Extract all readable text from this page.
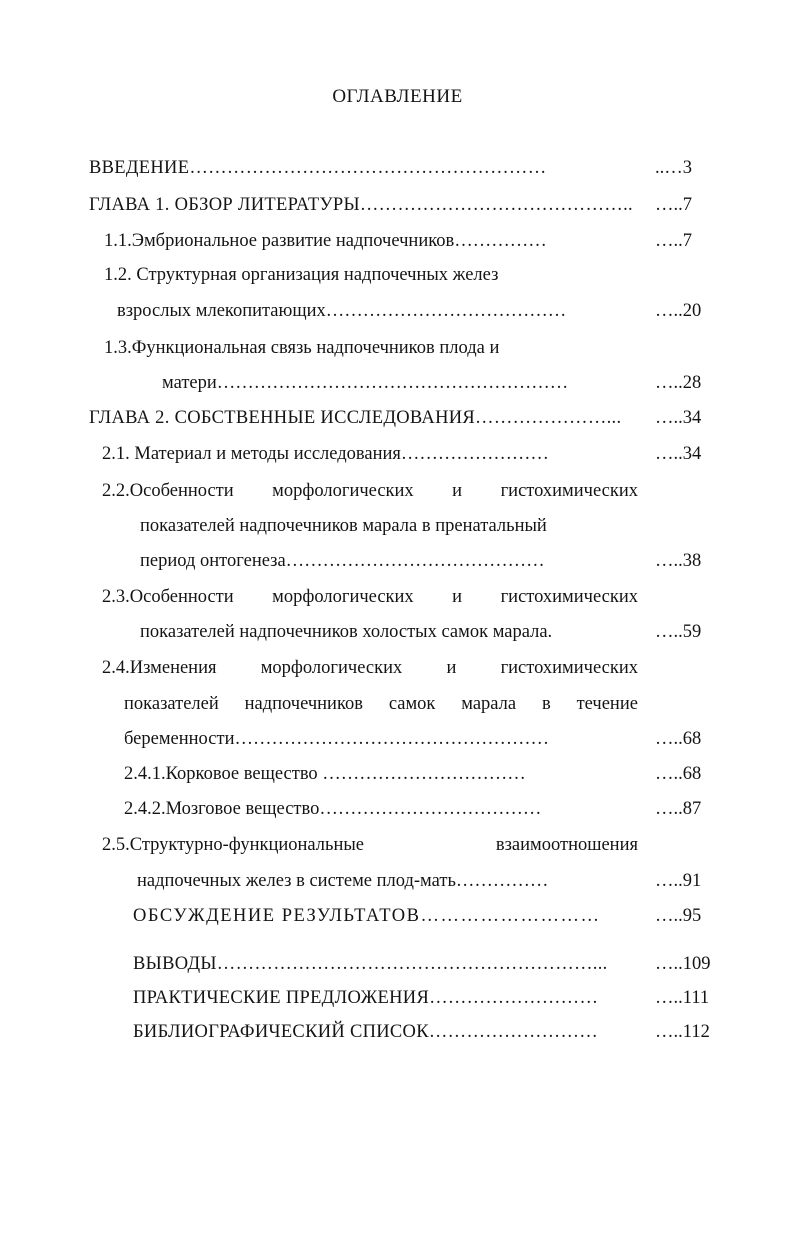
ОГЛАВЛЕНИЕ
ВВЕДЕНИЕ…………………………………………………	..…3
ГЛАВА 1. ОБЗОР ЛИТЕРАТУРЫ…………………………………….. …..7
1.1.Эмбриональное развитие надпочечников……………	…..7
1.2. Структурная организация надпочечных желез
взрослых млекопитающих…………………………………	…..20
1.3.Функциональная связь надпочечников плода и
матери…………………………………………………	…..28
ГЛАВА 2. СОБСТВЕННЫЕ ИССЛЕДОВАНИЯ…………………... …..34
2.1. Материал и методы исследования……………………	…..34
2.2.Особенности морфологических и гистохимических
показателей надпочечников марала в пренатальный
период онтогенеза……………………………………	…..38
2.3.Особенности морфологических и гистохимических
показателей надпочечников холостых самок марала.	…..59
2.4.Изменения морфологических и гистохимических
показателей надпочечников самок марала в течение
беременности……………………………………………	…..68
2.4.1.Корковое вещество ……………………………	…..68
2.4.2.Мозговое вещество………………………………	…..87
2.5.Структурно-функциональные	взаимоотношения
надпочечных желез в системе плод-мать……………	…..91
ОБСУЖДЕНИЕ РЕЗУЛЬТАТОВ………………………	…..95
ВЫВОДЫ……………………………………………………...	…..109
ПРАКТИЧЕСКИЕ ПРЕДЛОЖЕНИЯ………………………	…..111
БИБЛИОГРАФИЧЕСКИЙ СПИСОК………………………	…..112
